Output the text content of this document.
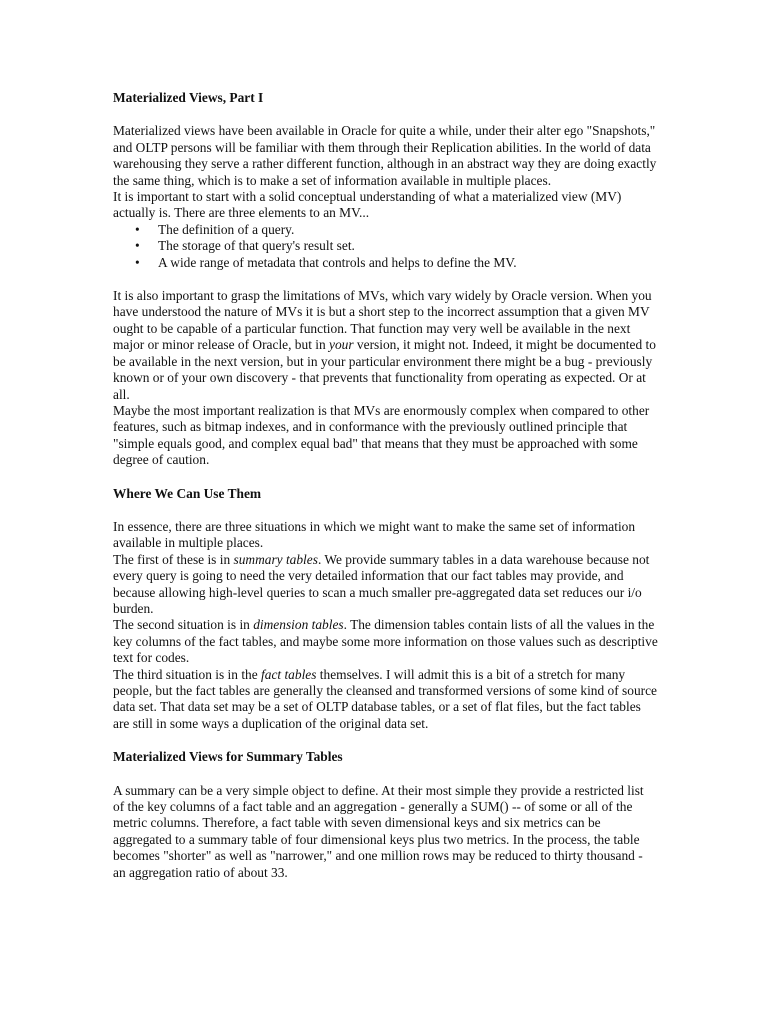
Materialized Views, Part I

Materialized views have been available in Oracle for quite a while, under their alter ego "Snapshots," and OLTP persons will be familiar with them through their Replication abilities. In the world of data warehousing they serve a rather different function, although in an abstract way they are doing exactly the same thing, which is to make a set of information available in multiple places.

It is important to start with a solid conceptual understanding of what a materialized view (MV) actually is. There are three elements to an MV...

• The definition of a query.
• The storage of that query's result set.
• A wide range of metadata that controls and helps to define the MV.

It is also important to grasp the limitations of MVs, which vary widely by Oracle version. When you have understood the nature of MVs it is but a short step to the incorrect assumption that a given MV ought to be capable of a particular function. That function may very well be available in the next major or minor release of Oracle, but in your version, it might not. Indeed, it might be documented to be available in the next version, but in your particular environment there might be a bug - previously known or of your own discovery - that prevents that functionality from operating as expected. Or at all.

Maybe the most important realization is that MVs are enormously complex when compared to other features, such as bitmap indexes, and in conformance with the previously outlined principle that "simple equals good, and complex equal bad" that means that they must be approached with some degree of caution.

Where We Can Use Them

In essence, there are three situations in which we might want to make the same set of information available in multiple places.

The first of these is in summary tables. We provide summary tables in a data warehouse because not every query is going to need the very detailed information that our fact tables may provide, and because allowing high-level queries to scan a much smaller pre-aggregated data set reduces our i/o burden.

The second situation is in dimension tables. The dimension tables contain lists of all the values in the key columns of the fact tables, and maybe some more information on those values such as descriptive text for codes.

The third situation is in the fact tables themselves. I will admit this is a bit of a stretch for many people, but the fact tables are generally the cleansed and transformed versions of some kind of source data set. That data set may be a set of OLTP database tables, or a set of flat files, but the fact tables are still in some ways a duplication of the original data set.

Materialized Views for Summary Tables

A summary can be a very simple object to define. At their most simple they provide a restricted list of the key columns of a fact table and an aggregation - generally a SUM() -- of some or all of the metric columns. Therefore, a fact table with seven dimensional keys and six metrics can be aggregated to a summary table of four dimensional keys plus two metrics. In the process, the table becomes "shorter" as well as "narrower," and one million rows may be reduced to thirty thousand - an aggregation ratio of about 33.
